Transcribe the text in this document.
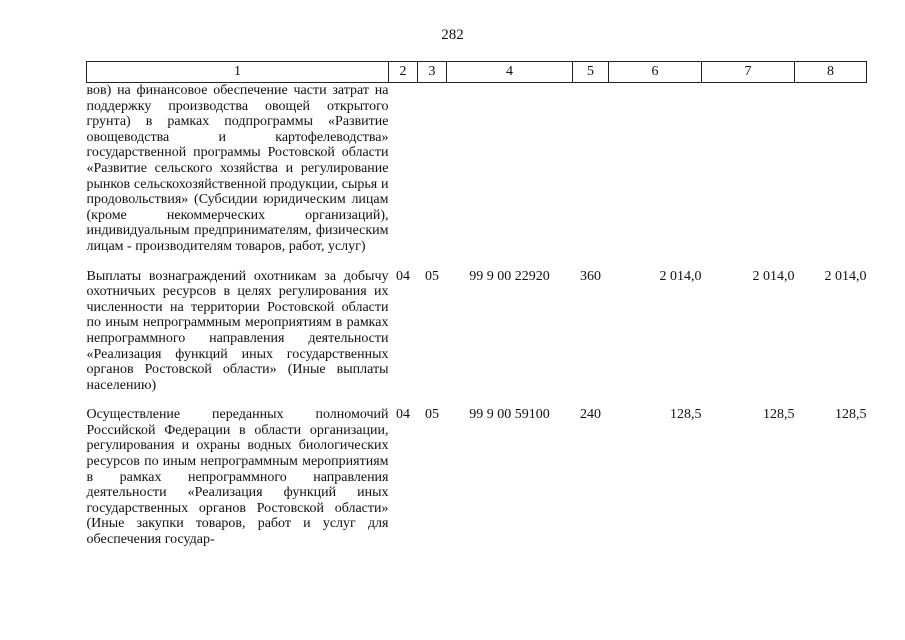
282
1	2	3	4	5	6	7	8
вов) на финансовое обеспечение части затрат на поддержку производства овощей открытого грунта) в рамках подпрограммы «Развитие овощеводства и картофелеводства» государственной программы Ростовской области «Развитие сельского хозяйства и регулирование рынков сельскохозяйственной продукции, сырья и продовольствия» (Субсидии юридическим лицам (кроме некоммерческих организаций), индивидуальным предпринимателям, физическим лицам - производителям товаров, работ, услуг)							

Выплаты вознаграждений охотникам за добычу охотничьих ресурсов в целях регулирования их численности на территории Ростовской области по иным непрограммным мероприятиям в рамках непрограммного направления деятельности «Реализация функций иных государственных органов Ростовской области» (Иные выплаты населению)	04	05	99 9 00 22920	360	2 014,0	2 014,0	2 014,0

Осуществление переданных полномочий Российской Федерации в области организации, регулирования и охраны водных биологических ресурсов по иным непрограммным мероприятиям в рамках непрограммного направления деятельности «Реализация функций иных государственных органов Ростовской области» (Иные закупки товаров, работ и услуг для обеспечения государ-	04	05	99 9 00 59100	240	128,5	128,5	128,5
